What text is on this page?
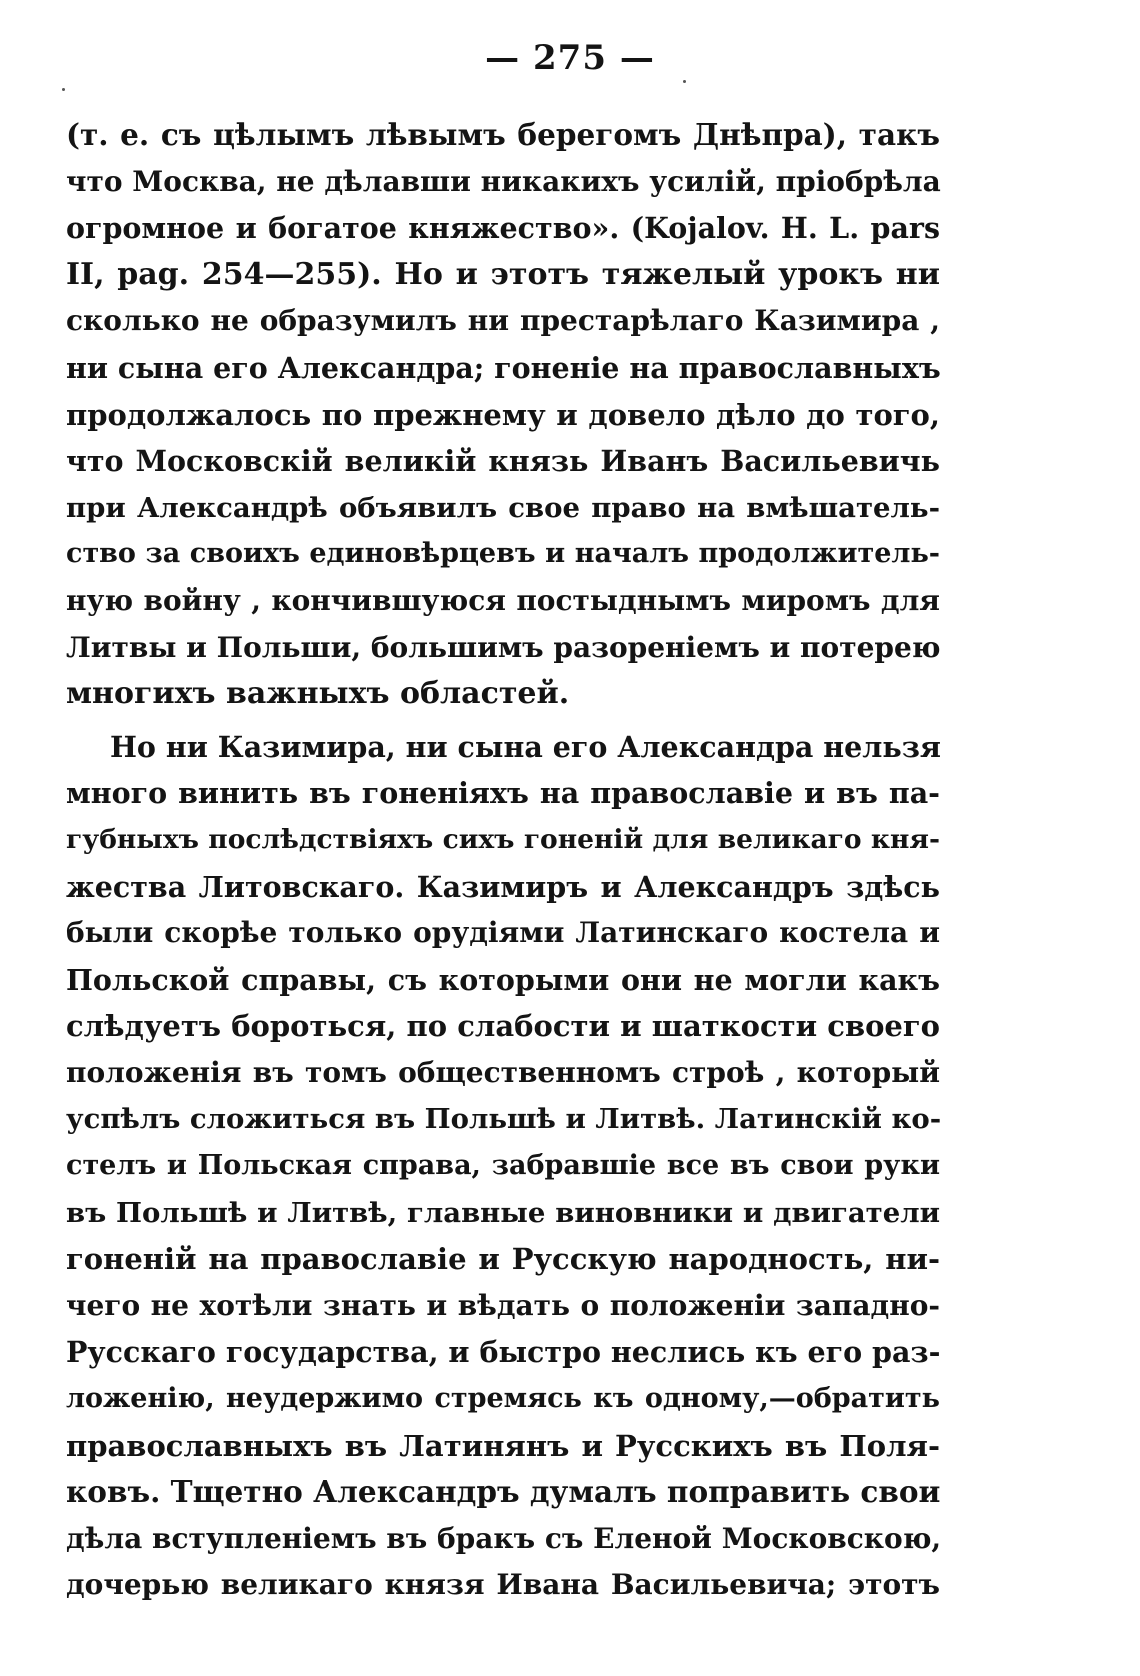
— 275 —
(т. е. съ цѣлымъ лѣвымъ берегомъ Днѣпра), такъ
что Москва, не дѣлавши никакихъ усилій, пріобрѣла
огромное и богатое княжество». (Kojalov. H. L. pars
II, pag. 254—255). Но и этотъ тяжелый урокъ ни
сколько не образумилъ ни престарѣлаго Казимира ,
ни сына его Александра; гоненіе на православныхъ
продолжалось по прежнему и довело дѣло до того,
что Московскій великій князь Иванъ Васильевичь
при Александрѣ объявилъ свое право на вмѣшатель-
ство за своихъ единовѣрцевъ и началъ продолжитель-
ную войну , кончившуюся постыднымъ миромъ для
Литвы и Польши, большимъ разореніемъ и потерею
многихъ важныхъ областей.
Но ни Казимира, ни сына его Александра нельзя
много винить въ гоненіяхъ на православіе и въ па-
губныхъ послѣдствіяхъ сихъ гоненій для великаго кня-
жества Литовскаго. Казимиръ и Александръ здѣсь
были скорѣе только орудіями Латинскаго костела и
Польской справы, съ которыми они не могли какъ
слѣдуетъ бороться, по слабости и шаткости своего
положенія въ томъ общественномъ строѣ , который
успѣлъ сложиться въ Польшѣ и Литвѣ. Латинскій ко-
стелъ и Польская справа, забравшіе все въ свои руки
въ Польшѣ и Литвѣ, главные виновники и двигатели
гоненій на православіе и Русскую народность, ни-
чего не хотѣли знать и вѣдать о положеніи западно-
Русскаго государства, и быстро неслись къ его раз-
ложенію, неудержимо стремясь къ одному,—обратить
православныхъ въ Латинянъ и Русскихъ въ Поля-
ковъ. Тщетно Александръ думалъ поправить свои
дѣла вступленіемъ въ бракъ съ Еленой Московскою,
дочерью великаго князя Ивана Васильевича; этотъ
